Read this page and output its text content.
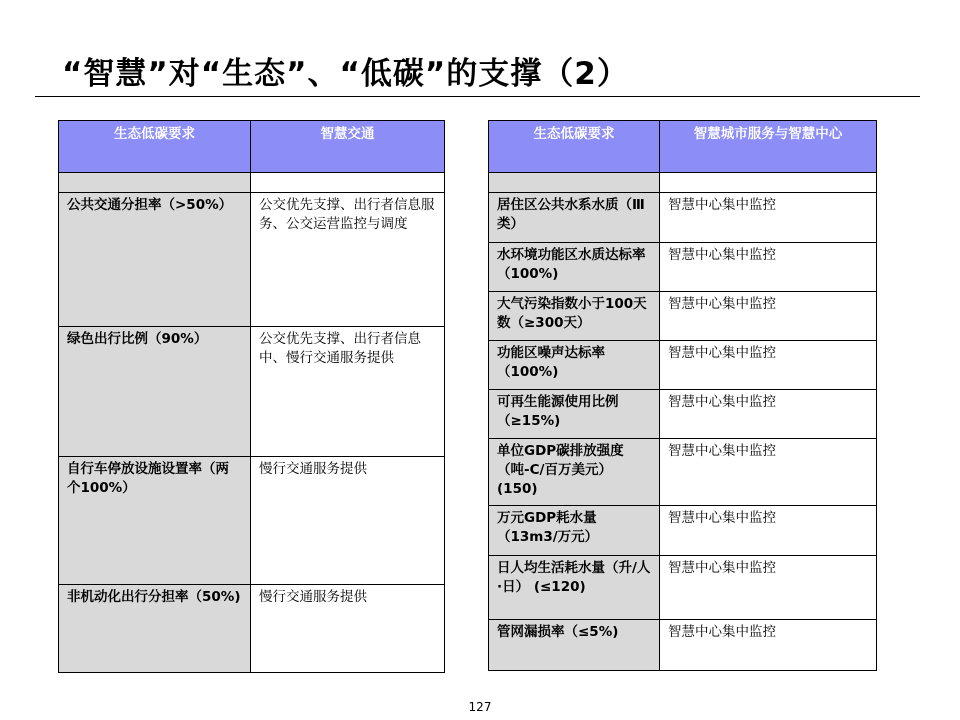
“智慧”对“生态”、“低碳”的支撑（2）
生态低碳要求	智慧交通

公共交通分担率（>50%）	公交优先支撑、出行者信息服务、公交运营监控与调度
绿色出行比例（90%）	公交优先支撑、出行者信息中、慢行交通服务提供
自行车停放设施设置率（两个100%）	慢行交通服务提供
非机动化出行分担率（50%)	慢行交通服务提供
生态低碳要求	智慧城市服务与智慧中心

居住区公共水系水质（Ⅲ类）	智慧中心集中监控
水环境功能区水质达标率（100%)	智慧中心集中监控
大气污染指数小于100天数（≥300天）	智慧中心集中监控
功能区噪声达标率（100%)	智慧中心集中监控
可再生能源使用比例（≥15%)	智慧中心集中监控
单位GDP碳排放强度（吨-C/百万美元）(150)	智慧中心集中监控
万元GDP耗水量（13m3/万元）	智慧中心集中监控
日人均生活耗水量（升/人·日） (≤120)	智慧中心集中监控
管网漏损率（≤5%)	智慧中心集中监控
127
